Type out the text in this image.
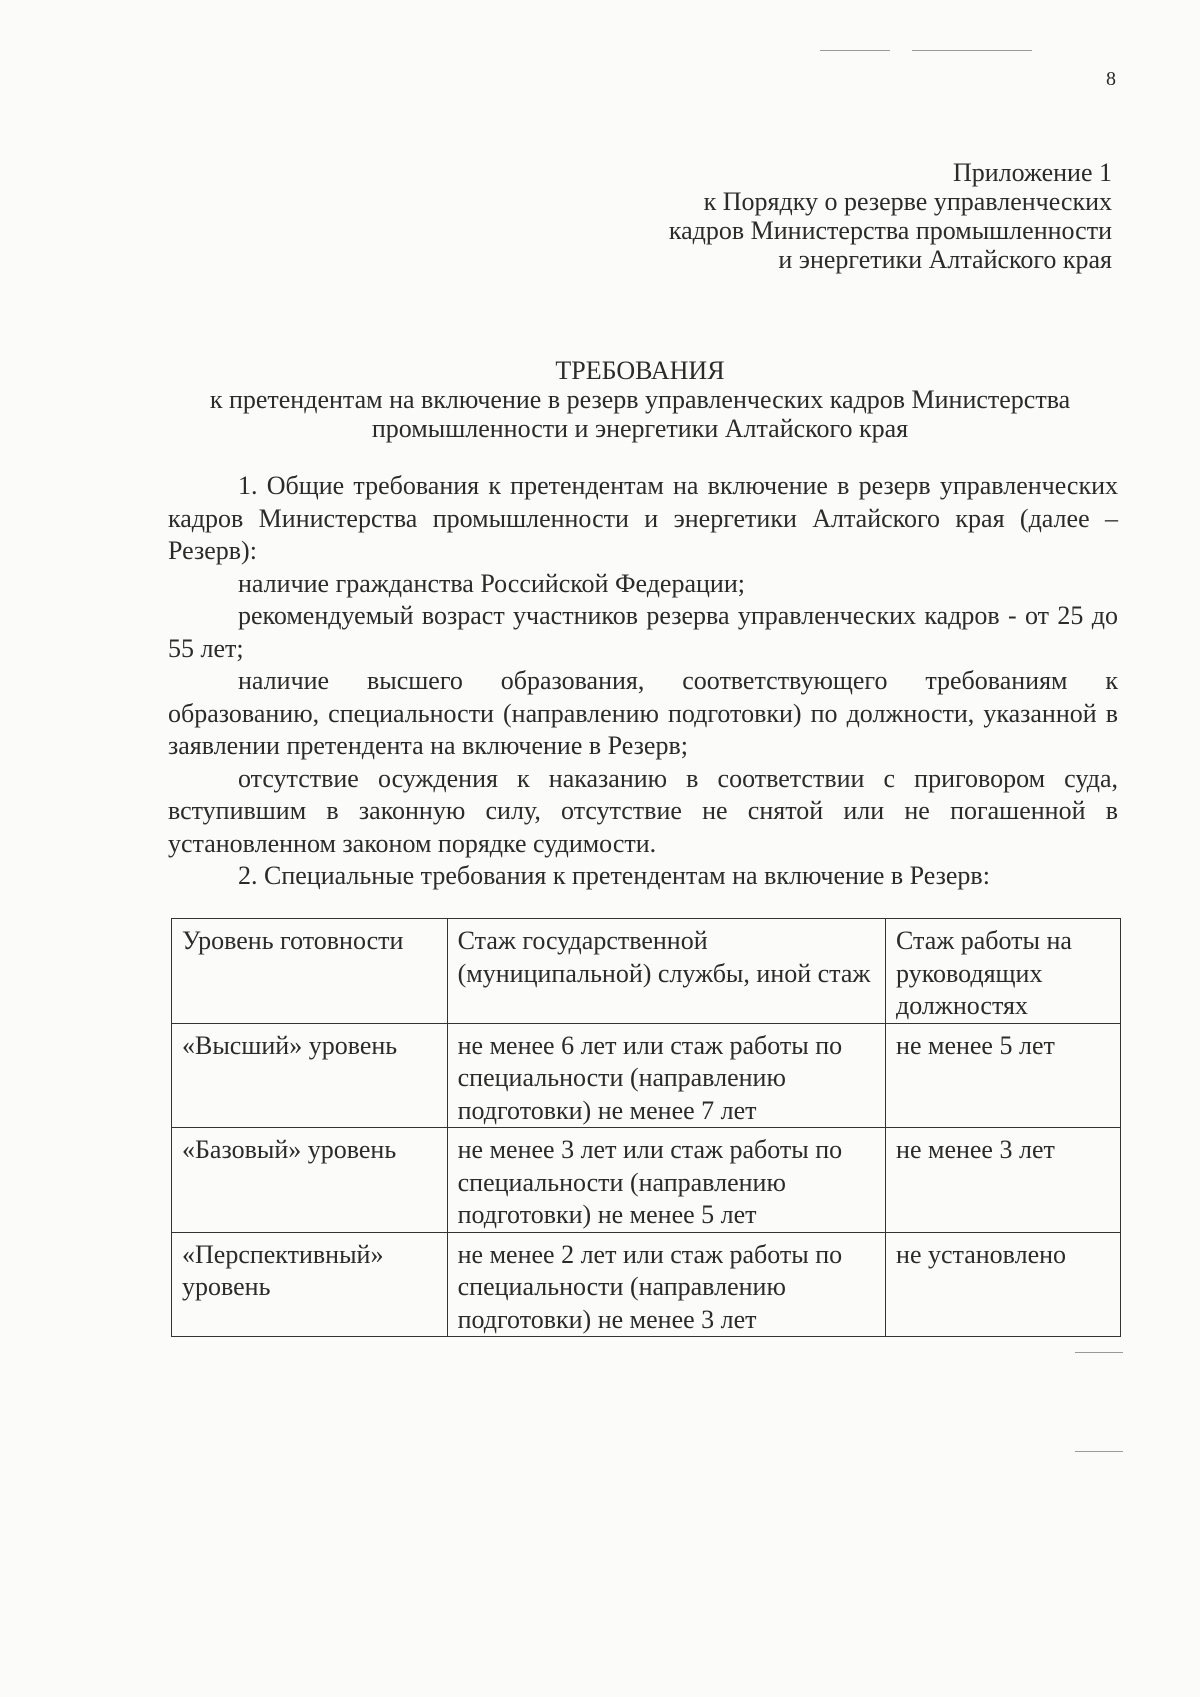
8
Приложение 1
к Порядку о резерве управленческих
кадров Министерства промышленности
и энергетики Алтайского края
ТРЕБОВАНИЯ
к претендентам на включение в резерв управленческих кадров Министерства
промышленности и энергетики Алтайского края

1. Общие требования к претендентам на включение в резерв управленческих кадров Министерства промышленности и энергетики Алтайского края (далее – Резерв):

наличие гражданства Российской Федерации;

рекомендуемый возраст участников резерва управленческих кадров - от 25 до 55 лет;

наличие высшего образования, соответствующего требованиям к образованию, специальности (направлению подготовки) по должности, указанной в заявлении претендента на включение в Резерв;

отсутствие осуждения к наказанию в соответствии с приговором суда, вступившим в законную силу, отсутствие не снятой или не погашенной в установленном законом порядке судимости.

2. Специальные требования к претендентам на включение в Резерв:

Уровень готовности	Стаж государственной (муниципальной) службы, иной стаж	Стаж работы на руководящих должностях
«Высший» уровень	не менее 6 лет или стаж работы по специальности (направлению подготовки) не менее 7 лет	не менее 5 лет
«Базовый» уровень	не менее 3 лет или стаж работы по специальности (направлению подготовки) не менее 5 лет	не менее 3 лет
«Перспективный» уровень	не менее 2 лет или стаж работы по специальности (направлению подготовки) не менее 3 лет	не установлено
